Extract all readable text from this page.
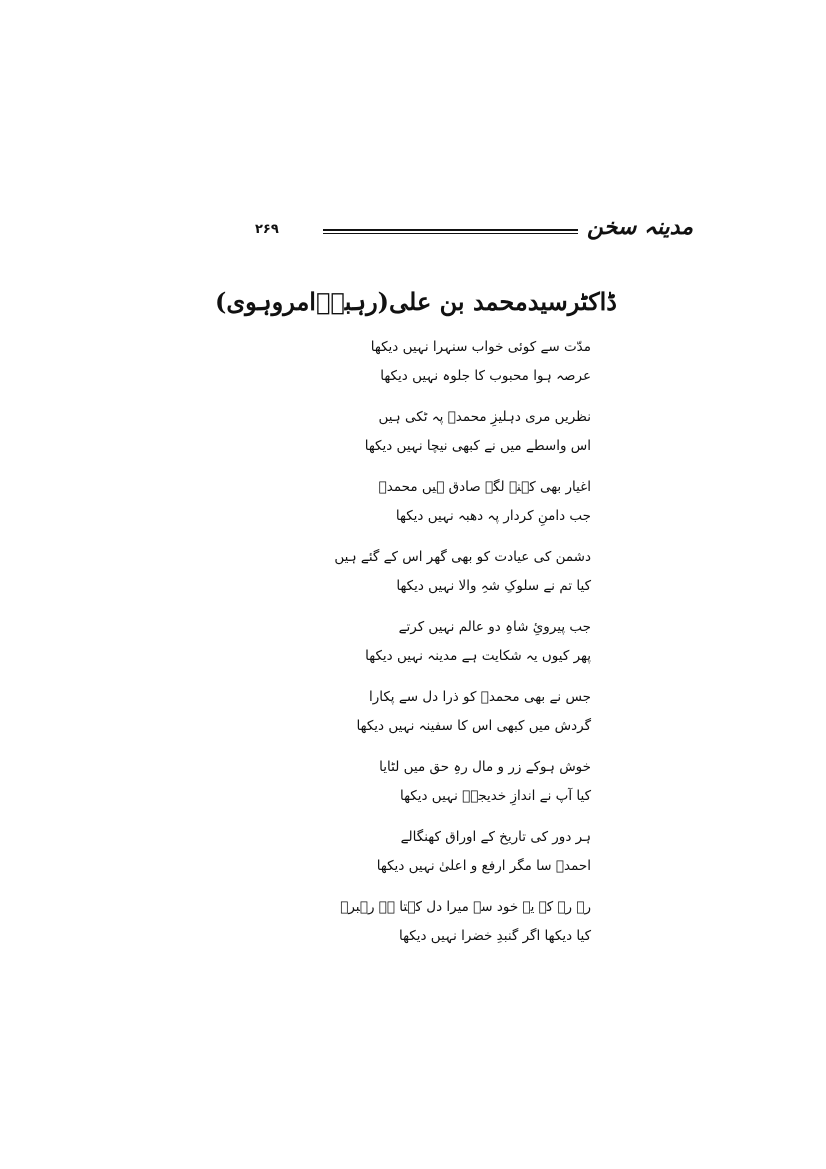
۲۶۹	مدینہ سخن
ڈاکٹرسیدمحمد بن علی(رہبرؔامروہوی)
مدّت سے کوئی خواب سنہرا نہیں دیکھا
عرصہ ہوا محبوب کا جلوہ نہیں دیکھا
نظریں مری دہلیزِ محمدؐ پہ ٹکی ہیں
اس واسطے میں نے کبھی نیچا نہیں دیکھا
اغیار بھی کہنے لگے صادق ہیں محمدؐ
جب دامنِ کردار پہ دھبہ نہیں دیکھا
دشمن کی عیادت کو بھی گھر اس کے گئے ہیں
کیا تم نے سلوکِ شہِ والا نہیں دیکھا
جب پیرویِٔ شاہِ دو عالم نہیں کرتے
پھر کیوں یہ شکایت ہے مدینہ نہیں دیکھا
جس نے بھی محمدؐ کو ذرا دل سے پکارا
گردش میں کبھی اس کا سفینہ نہیں دیکھا
خوش ہوکے زر و مال رہِ حق میں لٹایا
کیا آپ نے اندازِ خدیجہؓ نہیں دیکھا
ہر دور کی تاریخ کے اوراق کھنگالے
احمدؐ سا مگر ارفع و اعلیٰ نہیں دیکھا
رہ رہ کے یہ خود سے میرا دل کہتا ہے رہبرؔ
کیا دیکھا اگر گنبدِ خضرا نہیں دیکھا
